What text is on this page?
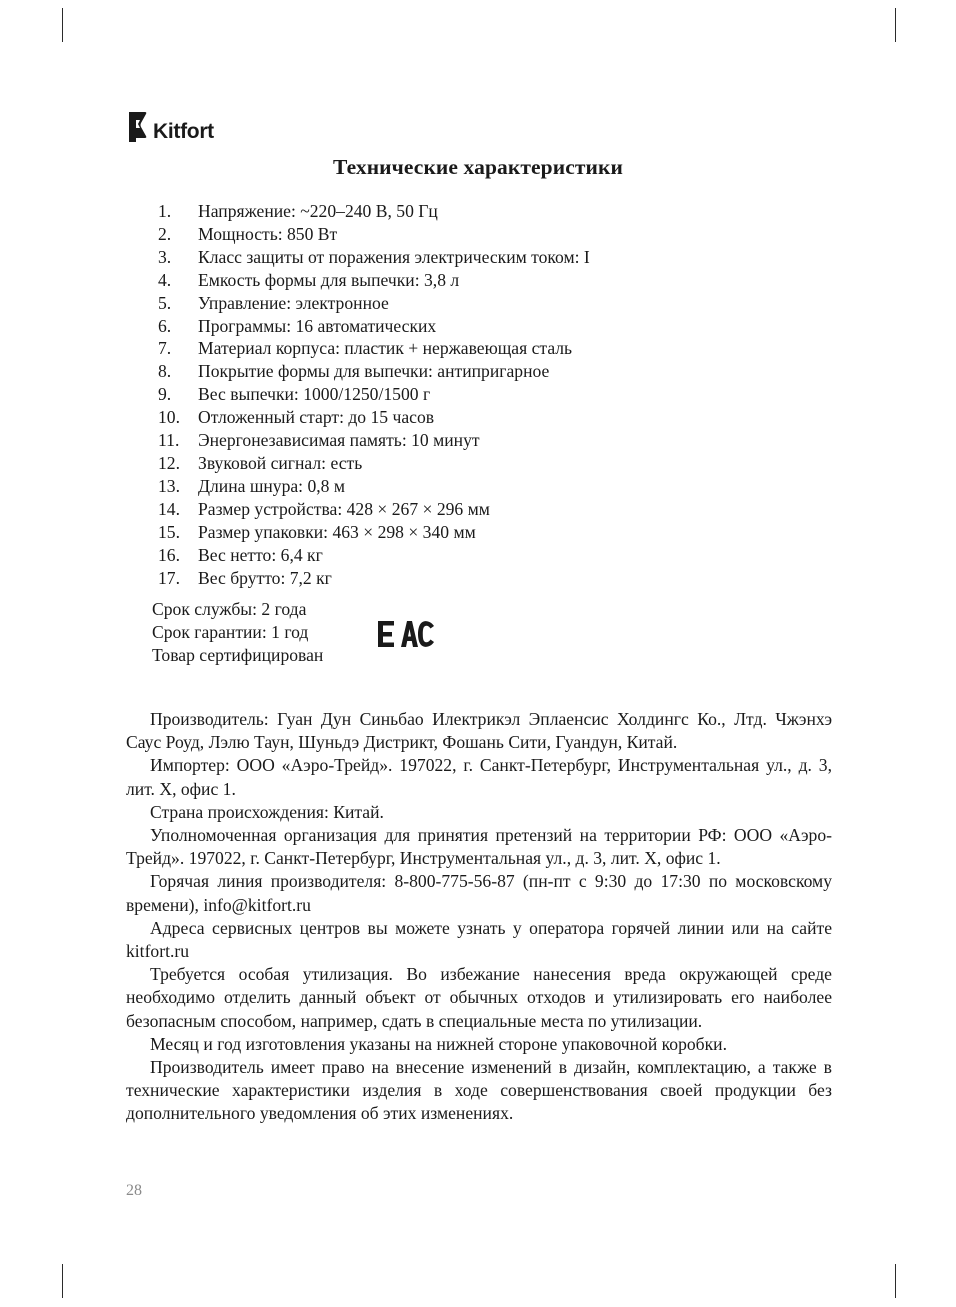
Kitfort
Технические характеристики
1.	Напряжение: ~220–240 В, 50 Гц
2.	Мощность: 850 Вт
3.	Класс защиты от поражения электрическим током: I
4.	Емкость формы для выпечки: 3,8 л
5.	Управление: электронное
6.	Программы: 16 автоматических
7.	Материал корпуса: пластик + нержавеющая сталь
8.	Покрытие формы для выпечки: антипригарное
9.	Вес выпечки: 1000/1250/1500 г
10.	Отложенный старт: до 15 часов
11.	Энергонезависимая память: 10 минут
12.	Звуковой сигнал: есть
13.	Длина шнура: 0,8 м
14.	Размер устройства: 428 × 267 × 296 мм
15.	Размер упаковки: 463 × 298 × 340 мм
16.	Вес нетто: 6,4 кг
17.	Вес брутто: 7,2 кг
Срок службы: 2 года
Срок гарантии: 1 год
Товар сертифицирован

Производитель: Гуан Дун Синьбао Илектрикэл Эплаенсис Холдингс Ко., Лтд. Чжэнхэ Саус Роуд, Лэлю Таун, Шуньдэ Дистрикт, Фошань Сити, Гуандун, Китай.

Импортер: ООО «Аэро-Трейд». 197022, г. Санкт-Петербург, Инструментальная ул., д. 3, лит. Х, офис 1.

Страна происхождения: Китай.

Уполномоченная организация для принятия претензий на территории РФ: ООО «Аэро-Трейд». 197022, г. Санкт-Петербург, Инструментальная ул., д. 3, лит. Х, офис 1.

Горячая линия производителя: 8-800-775-56-87 (пн-пт с 9:30 до 17:30 по московскому времени), info@kitfort.ru

Адреса сервисных центров вы можете узнать у оператора горячей линии или на сайте kitfort.ru

Требуется особая утилизация. Во избежание нанесения вреда окружающей среде необходимо отделить данный объект от обычных отходов и утилизировать его наиболее безопасным способом, например, сдать в специальные места по утилизации.

Месяц и год изготовления указаны на нижней стороне упаковочной коробки.

Производитель имеет право на внесение изменений в дизайн, комплектацию, а также в технические характеристики изделия в ходе совершенствования своей продукции без дополнительного уведомления об этих изменениях.

28
